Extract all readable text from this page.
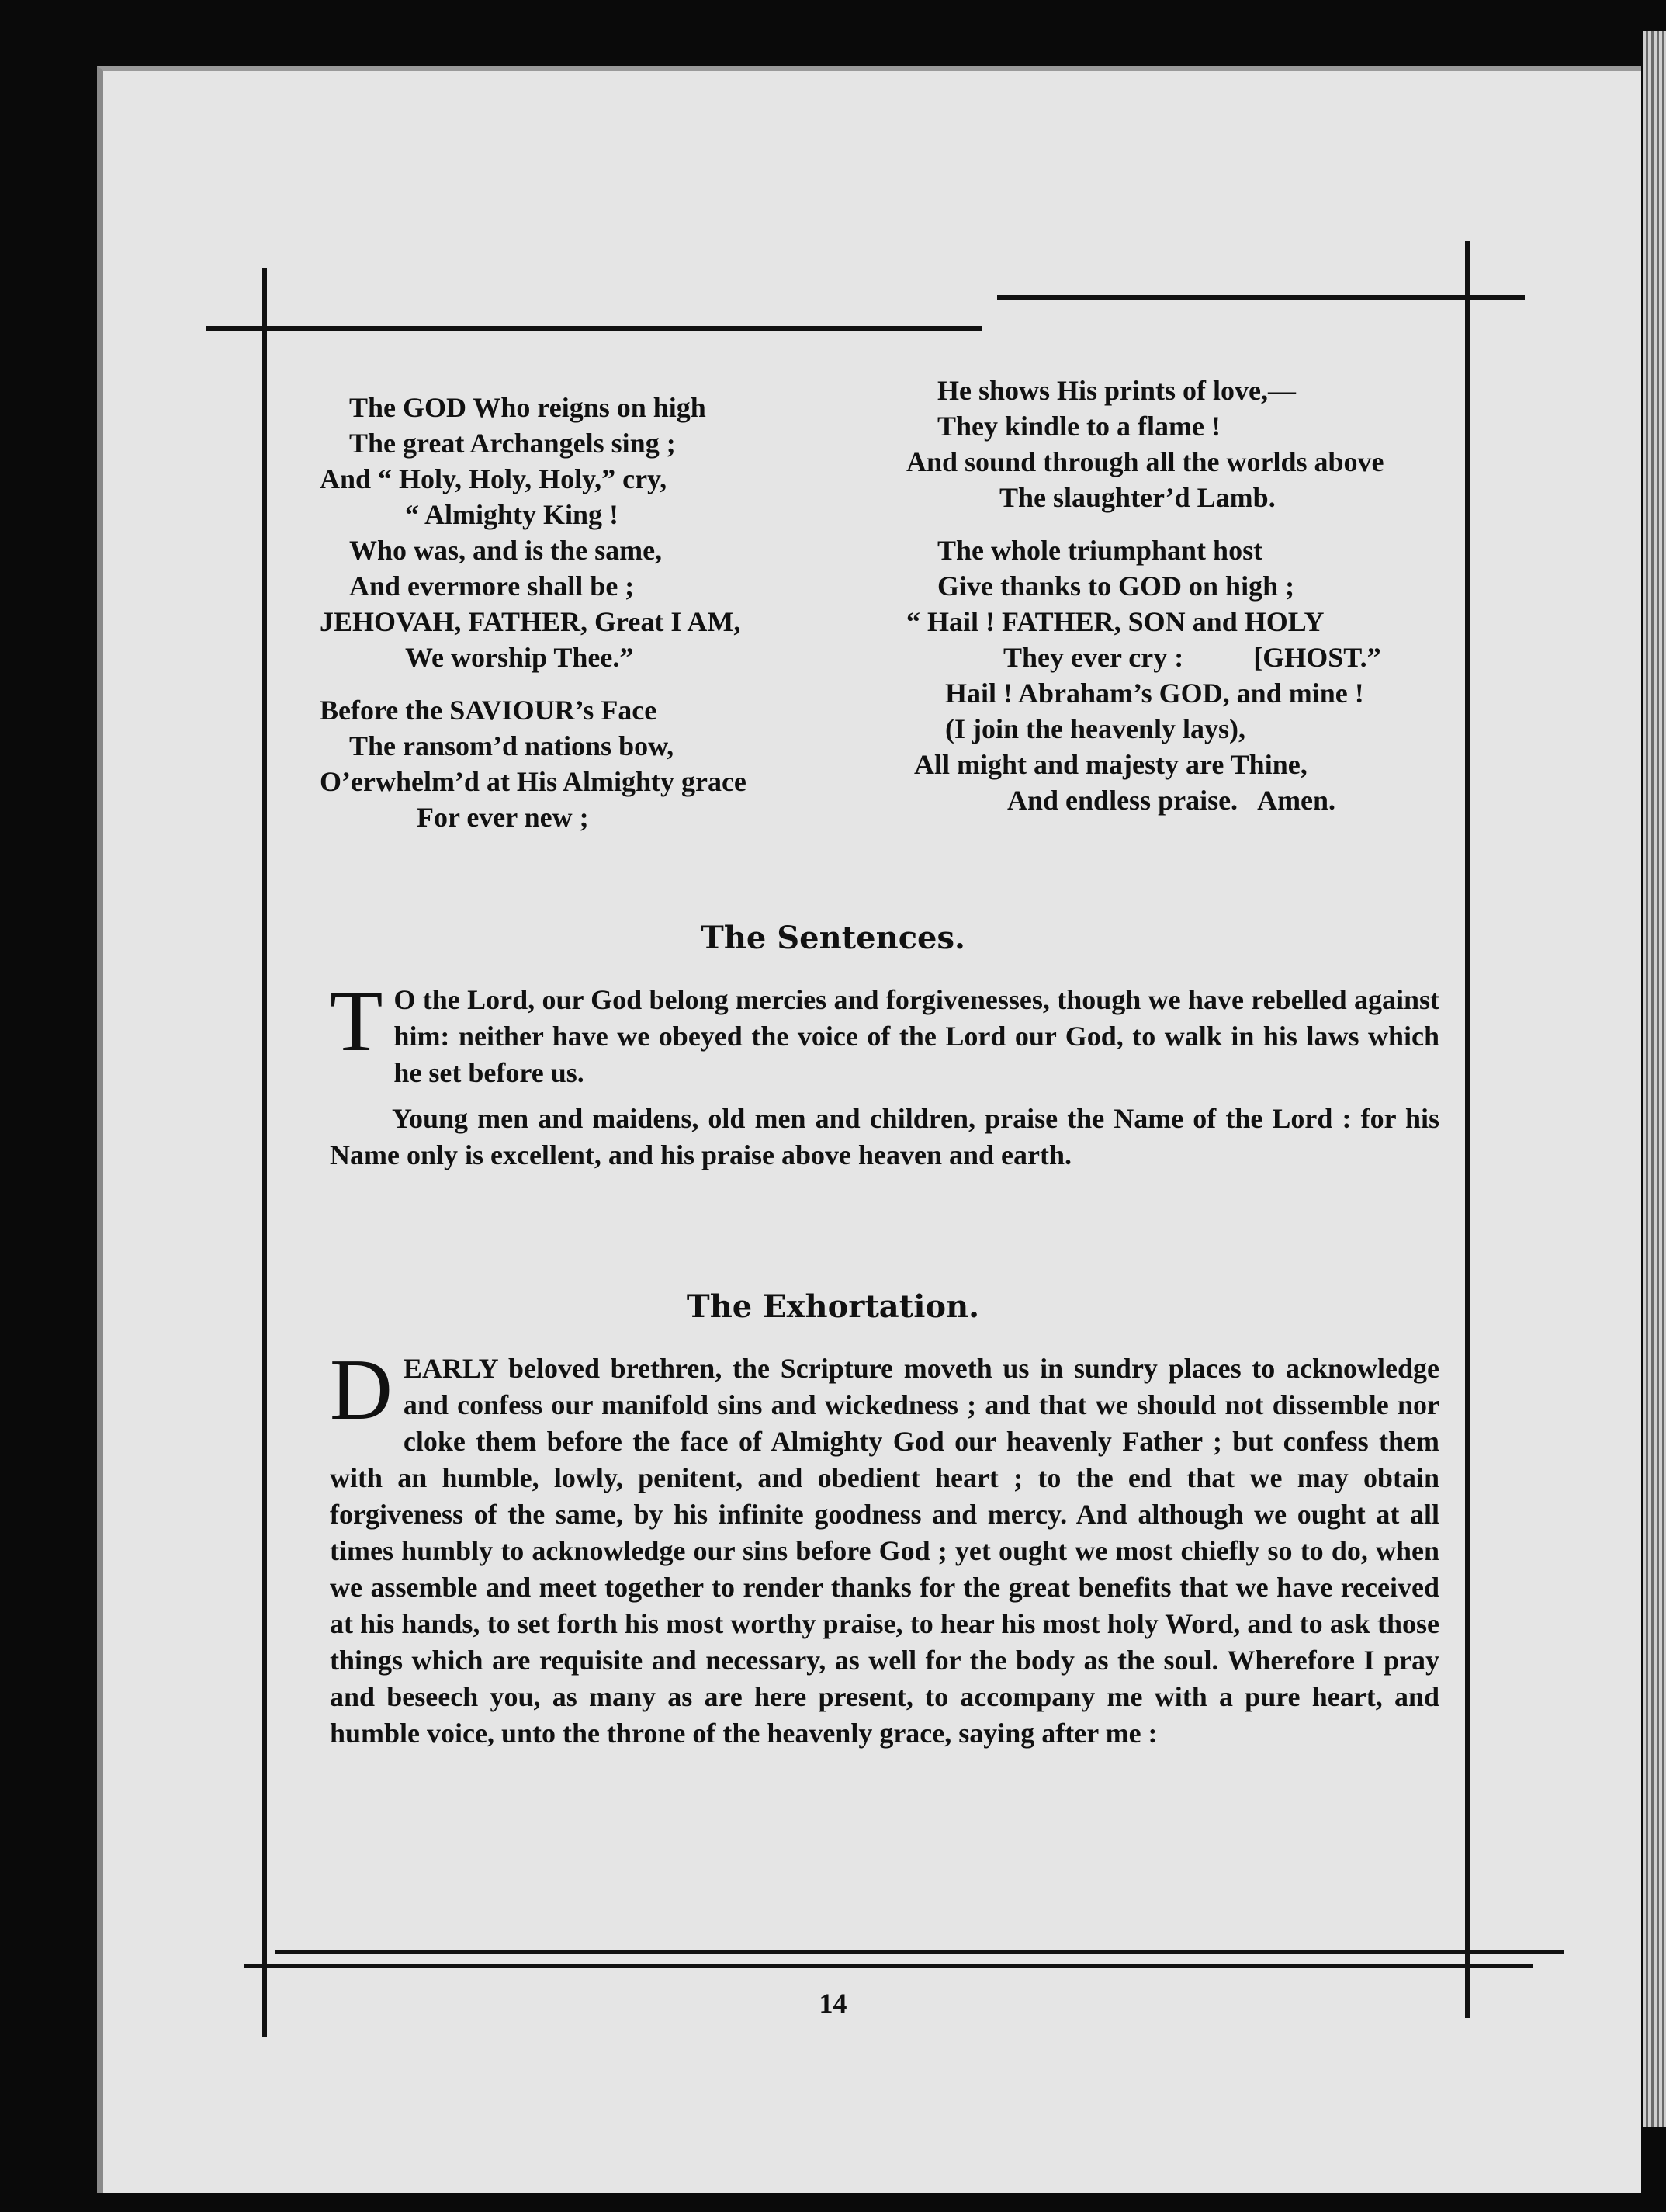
The GOD Who reigns on high

The great Archangels sing ;

And “ Holy, Holy, Holy,” cry,

“ Almighty King !

Who was, and is the same,

And evermore shall be ;

JEHOVAH, FATHER, Great I AM,

We worship Thee.”

Before the SAVIOUR’s Face

The ransom’d nations bow,

O’erwhelm’d at His Almighty grace

For ever new ;

He shows His prints of love,—

They kindle to a flame !

And sound through all the worlds above

The slaughter’d Lamb.

The whole triumphant host

Give thanks to GOD on high ;

“ Hail ! FATHER, SON and HOLY

They ever cry :          [GHOST.”

Hail ! Abraham’s GOD, and mine !

(I join the heavenly lays),

All might and majesty are Thine,

And endless praise.   Amen.

The Sentences.

T O the Lord, our God belong mercies and forgivenesses, though we have rebelled against him: neither have we obeyed the voice of the Lord our God, to walk in his laws which he set before us.

Young men and maidens, old men and children, praise the Name of the Lord : for his Name only is excellent, and his praise above heaven and earth.

The Exhortation.

DEARLY beloved brethren, the Scripture moveth us in sundry places to acknowledge and confess our manifold sins and wickedness ; and that we should not dissemble nor cloke them before the face of Almighty God our heavenly Father ; but confess them with an humble, lowly, penitent, and obedient heart ; to the end that we may obtain forgiveness of the same, by his infinite goodness and mercy. And although we ought at all times humbly to acknowledge our sins before God ; yet ought we most chiefly so to do, when we assemble and meet together to render thanks for the great benefits that we have received at his hands, to set forth his most worthy praise, to hear his most holy Word, and to ask those things which are requisite and necessary, as well for the body as the soul. Wherefore I pray and beseech you, as many as are here present, to accompany me with a pure heart, and humble voice, unto the throne of the heavenly grace, saying after me :

14
